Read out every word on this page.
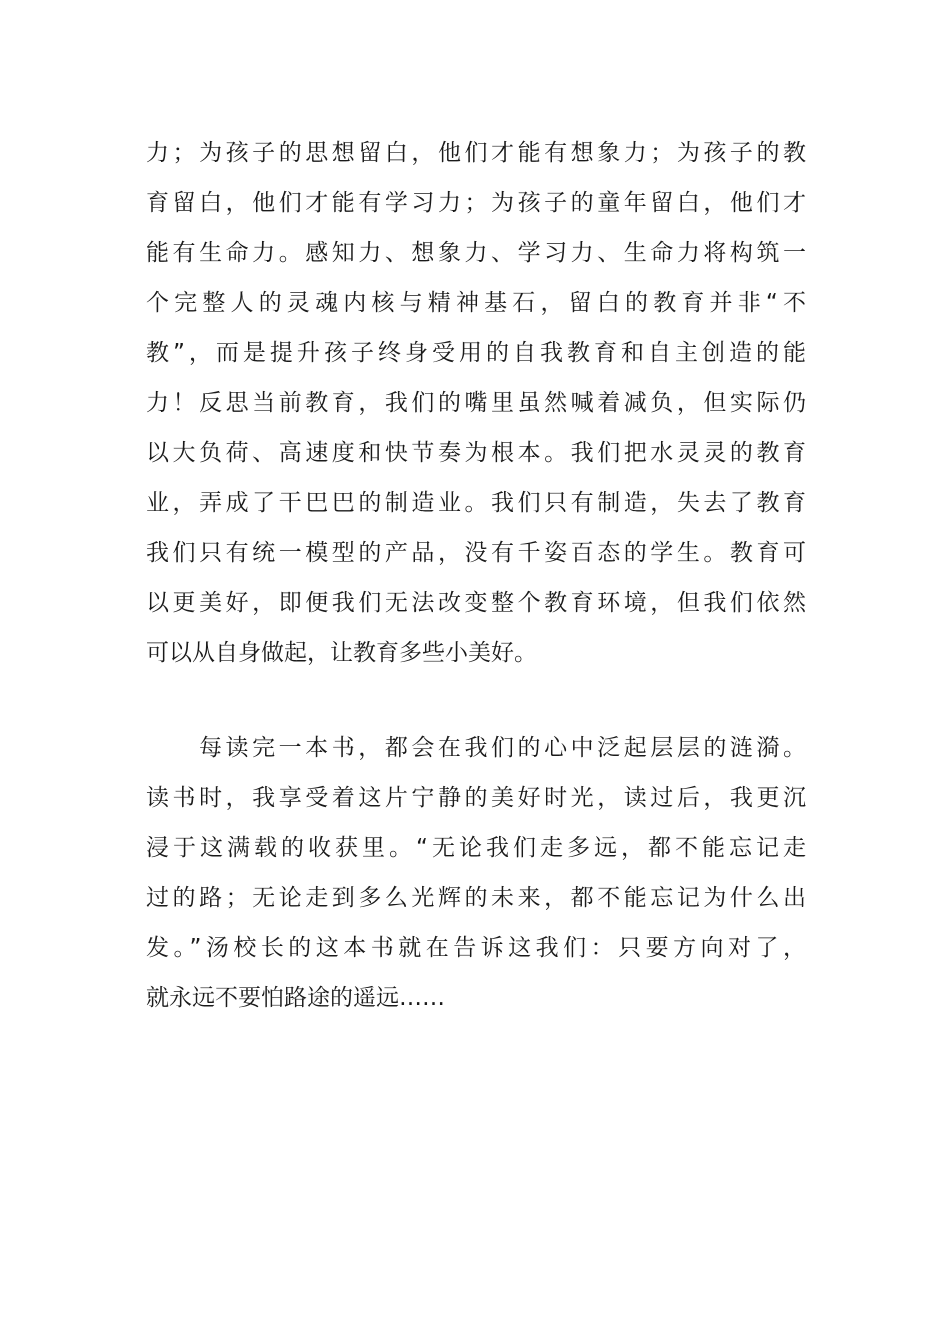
力；为孩子的思想留白，他们才能有想象力；为孩子的教
育留白，他们才能有学习力；为孩子的童年留白，他们才
能有生命力。感知力、想象力、学习力、生命力将构筑一
个完整人的灵魂内核与精神基石，留白的教育并非“不
教”，而是提升孩子终身受用的自我教育和自主创造的能
力！反思当前教育，我们的嘴里虽然喊着减负，但实际仍
以大负荷、高速度和快节奏为根本。我们把水灵灵的教育
业，弄成了干巴巴的制造业。我们只有制造，失去了教育
我们只有统一模型的产品，没有千姿百态的学生。教育可
以更美好，即便我们无法改变整个教育环境，但我们依然
可以从自身做起，让教育多些小美好。
每读完一本书，都会在我们的心中泛起层层的涟漪。
读书时，我享受着这片宁静的美好时光，读过后，我更沉
浸于这满载的收获里。“无论我们走多远，都不能忘记走
过的路；无论走到多么光辉的未来，都不能忘记为什么出
发。”汤校长的这本书就在告诉这我们：只要方向对了，
就永远不要怕路途的遥远……
